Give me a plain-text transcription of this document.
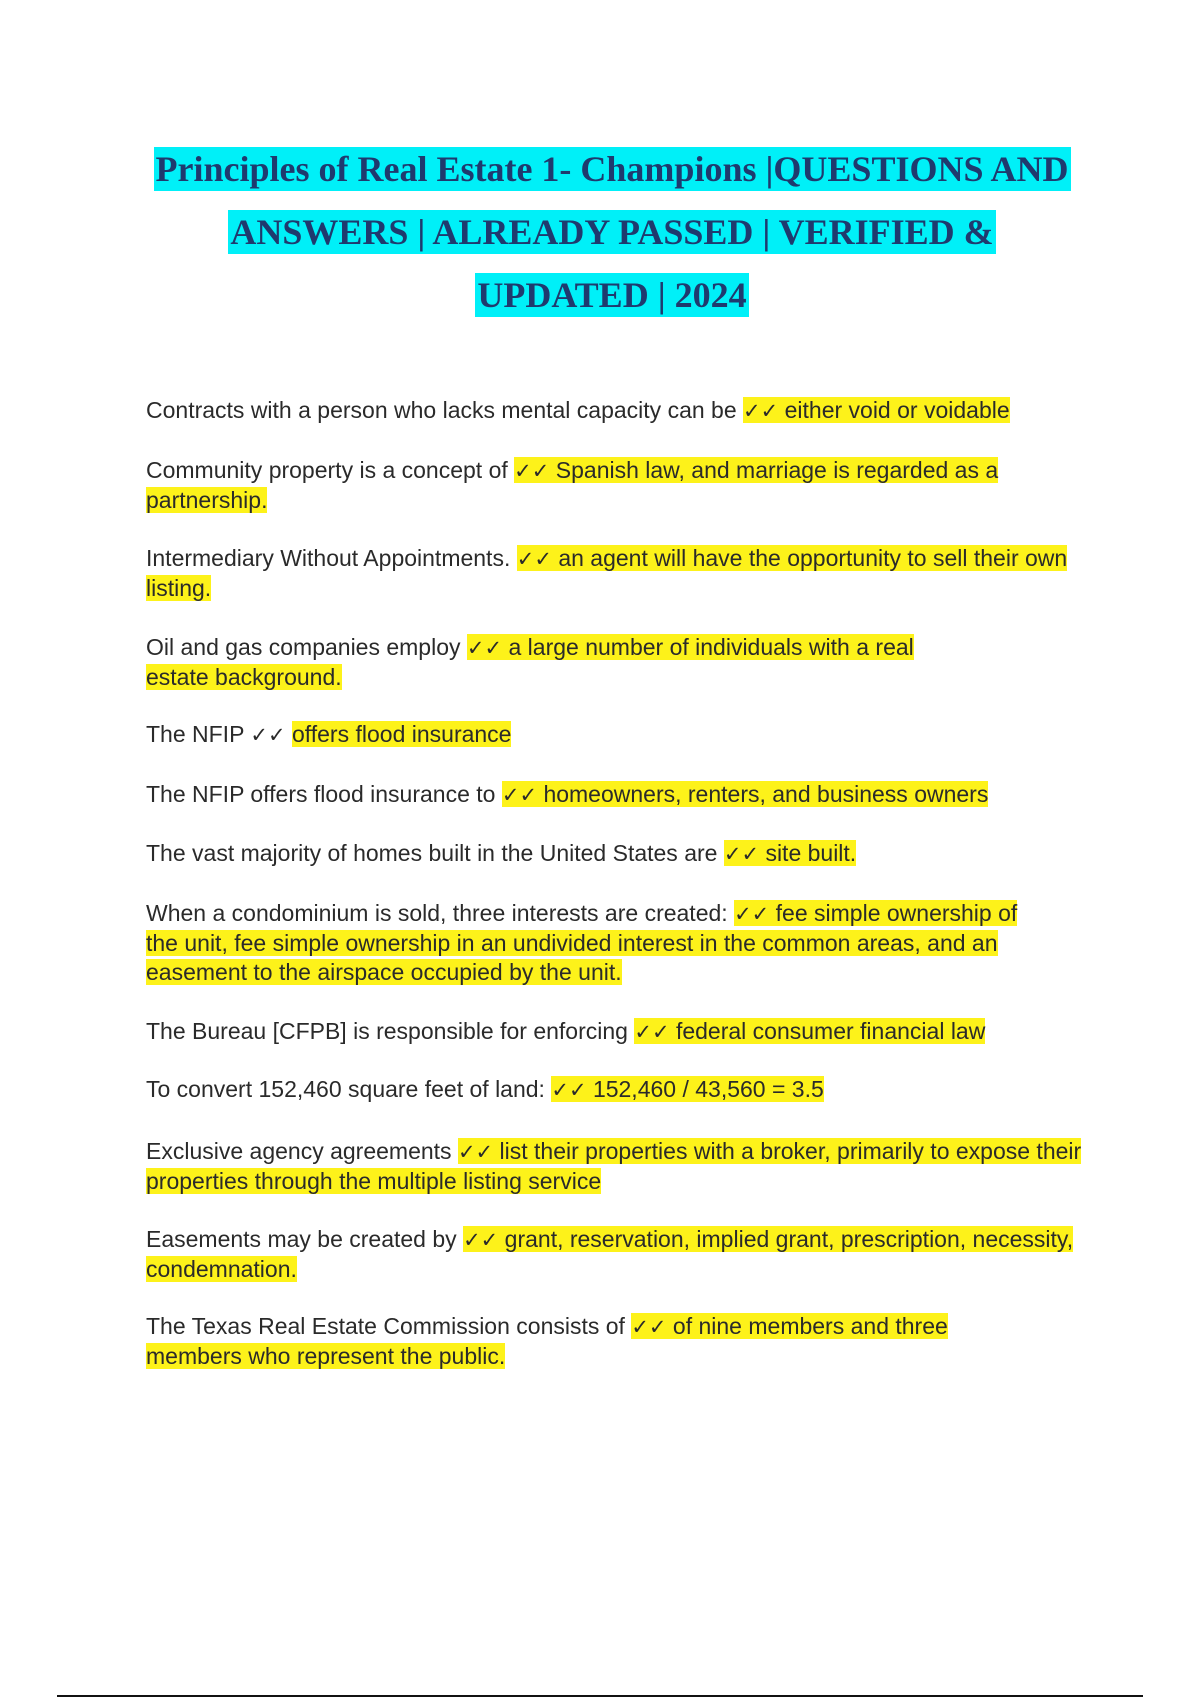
Principles of Real Estate 1- Champions |QUESTIONS AND ANSWERS | ALREADY PASSED | VERIFIED & UPDATED | 2024

Contracts with a person who lacks mental capacity can be ✓✓ either void or voidable

Community property is a concept of ✓✓ Spanish law, and marriage is regarded as a partnership.

Intermediary Without Appointments. ✓✓ an agent will have the opportunity to sell their own listing.

Oil and gas companies employ ✓✓ a large number of individuals with a real estate background.

The NFIP ✓✓ offers flood insurance

The NFIP offers flood insurance to ✓✓ homeowners, renters, and business owners

The vast majority of homes built in the United States are ✓✓ site built.

When a condominium is sold, three interests are created: ✓✓ fee simple ownership of the unit, fee simple ownership in an undivided interest in the common areas, and an easement to the airspace occupied by the unit.

The Bureau [CFPB] is responsible for enforcing ✓✓ federal consumer financial law

To convert 152,460 square feet of land: ✓✓ 152,460 / 43,560 = 3.5

Exclusive agency agreements ✓✓ list their properties with a broker, primarily to expose their properties through the multiple listing service

Easements may be created by ✓✓ grant, reservation, implied grant, prescription, necessity, condemnation.

The Texas Real Estate Commission consists of ✓✓ of nine members and three members who represent the public.
